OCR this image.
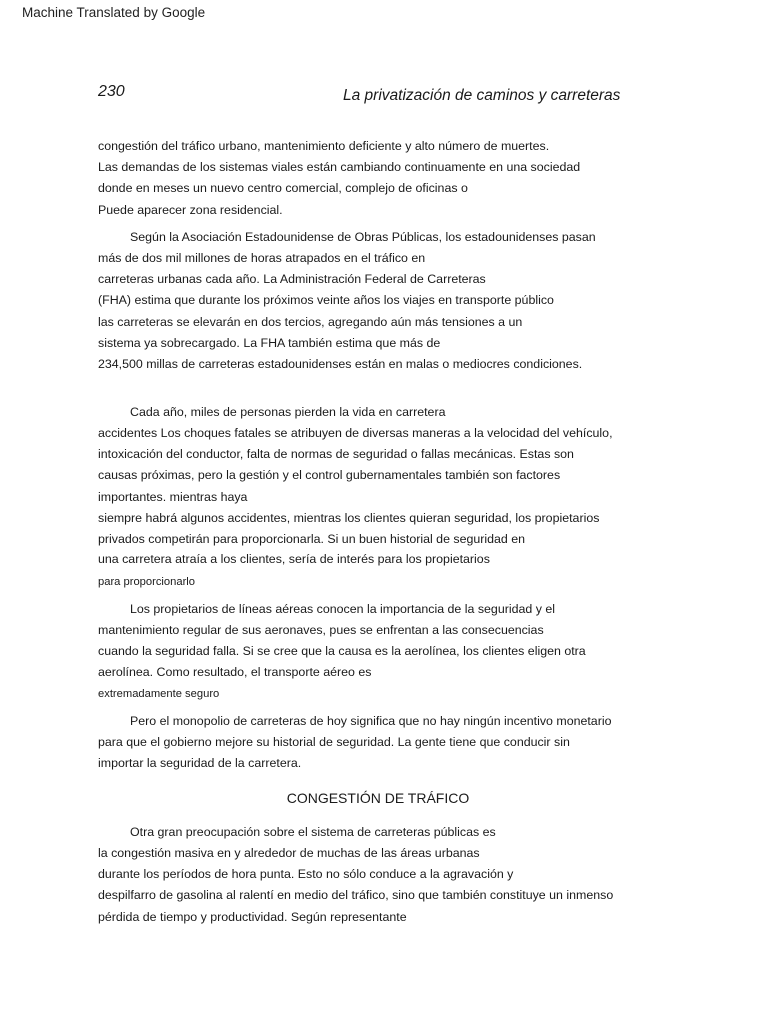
Machine Translated by Google
230	La privatización de caminos y carreteras
congestión del tráfico urbano, mantenimiento deficiente y alto número de muertes.
Las demandas de los sistemas viales están cambiando continuamente en una sociedad
donde en meses un nuevo centro comercial, complejo de oficinas o
Puede aparecer zona residencial.
Según la Asociación Estadounidense de Obras Públicas, los estadounidenses pasan
más de dos mil millones de horas atrapados en el tráfico en
carreteras urbanas cada año. La Administración Federal de Carreteras
(FHA) estima que durante los próximos veinte años los viajes en transporte público
las carreteras se elevarán en dos tercios, agregando aún más tensiones a un
sistema ya sobrecargado. La FHA también estima que más de
234,500 millas de carreteras estadounidenses están en malas o mediocres condiciones.
Cada año, miles de personas pierden la vida en carretera
accidentes Los choques fatales se atribuyen de diversas maneras a la velocidad del vehículo,
intoxicación del conductor, falta de normas de seguridad o fallas mecánicas. Estas son
causas próximas, pero la gestión y el control gubernamentales también son factores
importantes. mientras haya
siempre habrá algunos accidentes, mientras los clientes quieran seguridad, los propietarios
privados competirán para proporcionarla. Si un buen historial de seguridad en
una carretera atraía a los clientes, sería de interés para los propietarios
para proporcionarlo
Los propietarios de líneas aéreas conocen la importancia de la seguridad y el
mantenimiento regular de sus aeronaves, pues se enfrentan a las consecuencias
cuando la seguridad falla. Si se cree que la causa es la aerolínea, los clientes eligen otra
aerolínea. Como resultado, el transporte aéreo es
extremadamente seguro
Pero el monopolio de carreteras de hoy significa que no hay ningún incentivo monetario
para que el gobierno mejore su historial de seguridad. La gente tiene que conducir sin
importar la seguridad de la carretera.
Otra gran preocupación sobre el sistema de carreteras públicas es
la congestión masiva en y alrededor de muchas de las áreas urbanas
durante los períodos de hora punta. Esto no sólo conduce a la agravación y
despilfarro de gasolina al ralentí en medio del tráfico, sino que también constituye un inmenso
pérdida de tiempo y productividad. Según representante
CONGESTIÓN DE TRÁFICO
